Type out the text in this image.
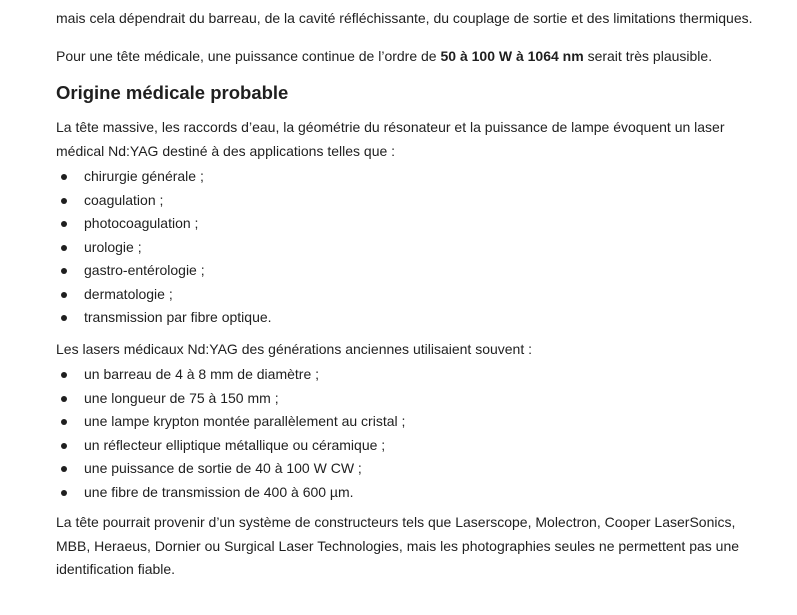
mais cela dépendrait du barreau, de la cavité réfléchissante, du couplage de sortie et des limitations thermiques.

Pour une tête médicale, une puissance continue de l’ordre de 50 à 100 W à 1064 nm serait très plausible.

Origine médicale probable

La tête massive, les raccords d’eau, la géométrie du résonateur et la puissance de lampe évoquent un laser médical Nd:YAG destiné à des applications telles que :

chirurgie générale ;
coagulation ;
photocoagulation ;
urologie ;
gastro-entérologie ;
dermatologie ;
transmission par fibre optique.

Les lasers médicaux Nd:YAG des générations anciennes utilisaient souvent :

un barreau de 4 à 8 mm de diamètre ;
une longueur de 75 à 150 mm ;
une lampe krypton montée parallèlement au cristal ;
un réflecteur elliptique métallique ou céramique ;
une puissance de sortie de 40 à 100 W CW ;
une fibre de transmission de 400 à 600 µm.

La tête pourrait provenir d’un système de constructeurs tels que Laserscope, Molectron, Cooper LaserSonics, MBB, Heraeus, Dornier ou Surgical Laser Technologies, mais les photographies seules ne permettent pas une identification fiable.
